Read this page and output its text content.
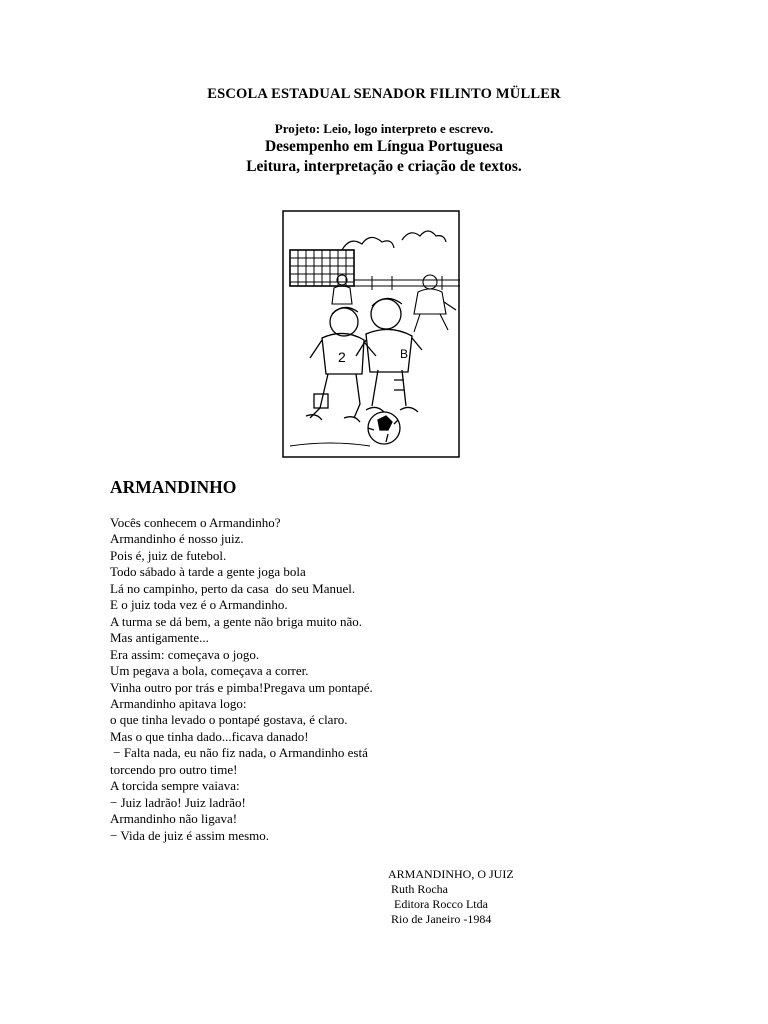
ESCOLA ESTADUAL SENADOR FILINTO MÜLLER
Projeto: Leio, logo interpreto e escrevo.
Desempenho em Língua Portuguesa
Leitura, interpretação e criação de textos.
2	B
ARMANDINHO
Vocês conhecem o Armandinho?
Armandinho é nosso juiz.
Pois é, juiz de futebol.
Todo sábado à tarde a gente joga bola
Lá no campinho, perto da casa  do seu Manuel.
E o juiz toda vez é o Armandinho.
A turma se dá bem, a gente não briga muito não.
Mas antigamente...
Era assim: começava o jogo.
Um pegava a bola, começava a correr.
Vinha outro por trás e pimba!Pregava um pontapé.
Armandinho apitava logo:
o que tinha levado o pontapé gostava, é claro.
Mas o que tinha dado...ficava danado!
− Falta nada, eu não fiz nada, o Armandinho está
torcendo pro outro time!
A torcida sempre vaiava:
− Juiz ladrão! Juiz ladrão!
Armandinho não ligava!
− Vida de juiz é assim mesmo.
ARMANDINHO, O JUIZ
Ruth Rocha
Editora Rocco Ltda
Rio de Janeiro -1984
